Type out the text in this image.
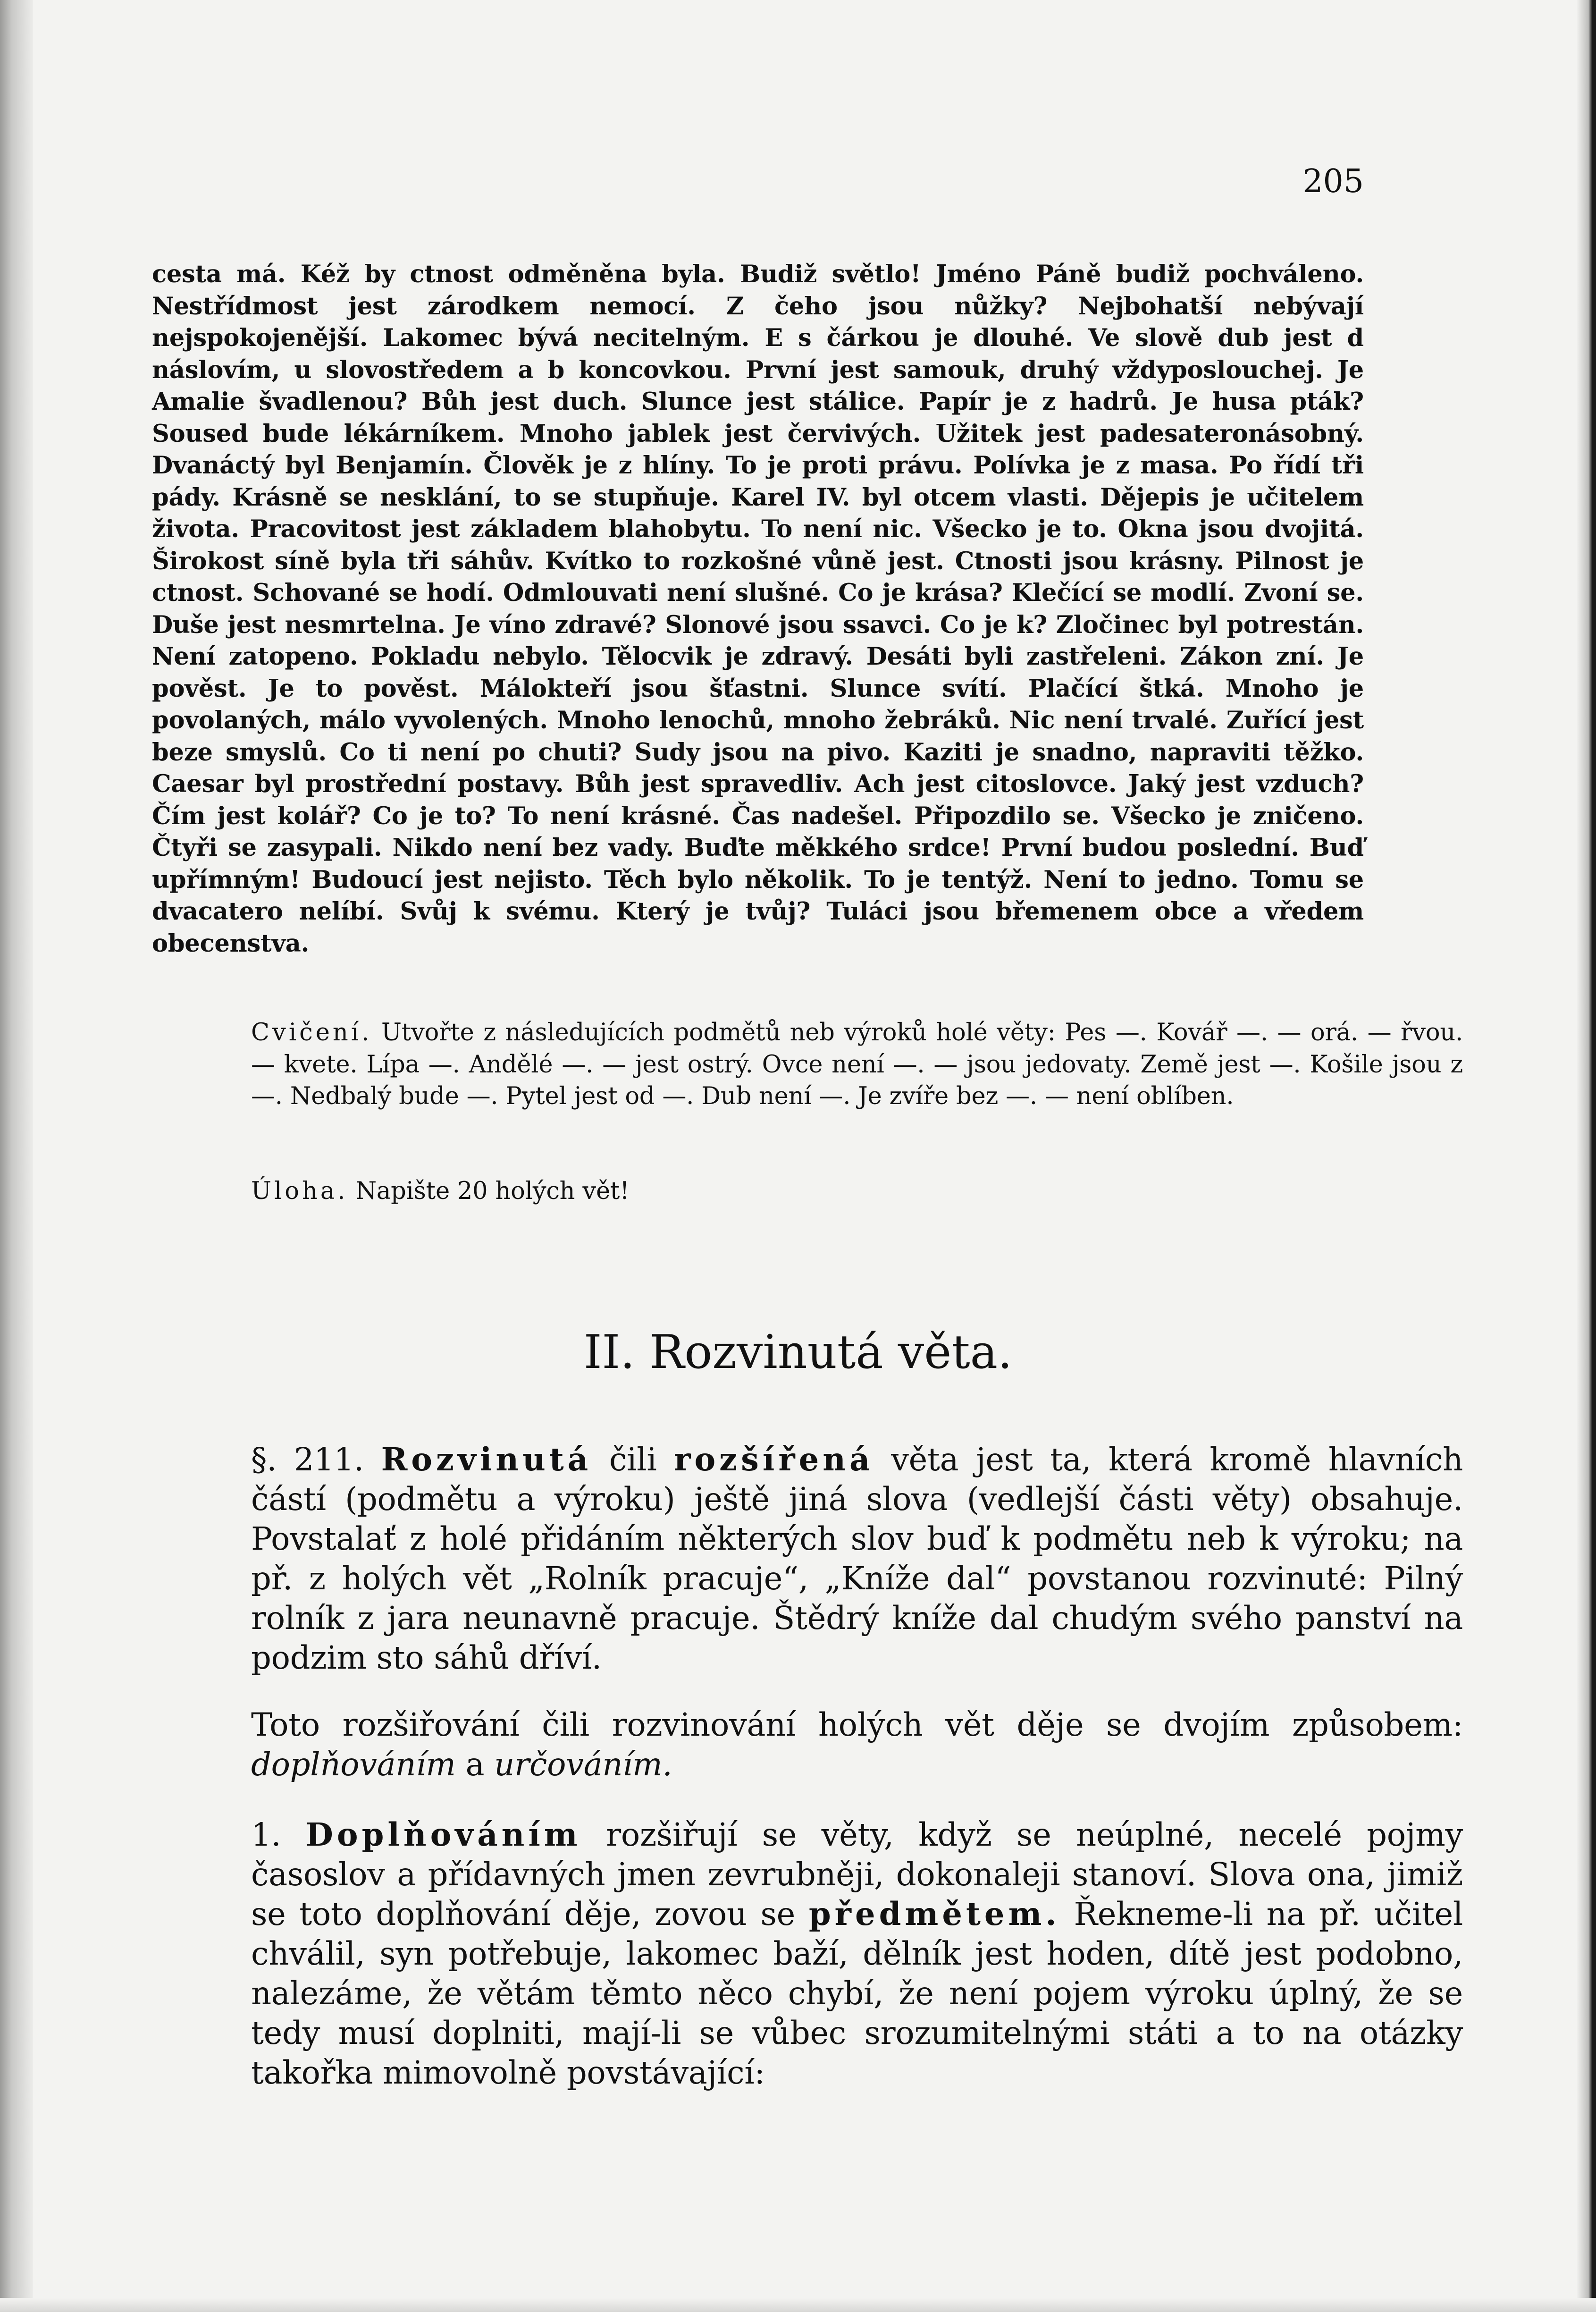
205

cesta má. Kéž by ctnost odměněna byla. Budiž světlo! Jméno Páně budiž pochváleno. Nestřídmost jest zárodkem nemocí. Z čeho jsou nůžky? Nejbohatší nebývají nejspokojenější. Lakomec bývá necitelným. E s čárkou je dlouhé. Ve slově dub jest d náslovím, u slovostředem a b koncovkou. První jest samouk, druhý vždyposlouchej. Je Amalie švadlenou? Bůh jest duch. Slunce jest stálice. Papír je z hadrů. Je husa pták? Soused bude lékárníkem. Mnoho jablek jest červivých. Užitek jest padesateronásobný. Dvanáctý byl Benjamín. Člověk je z hlíny. To je proti právu. Polívka je z masa. Po řídí tři pády. Krásně se nesklání, to se stupňuje. Karel IV. byl otcem vlasti. Dějepis je učitelem života. Pracovitost jest základem blahobytu. To není nic. Všecko je to. Okna jsou dvojitá. Širokost síně byla tři sáhův. Kvítko to rozkošné vůně jest. Ctnosti jsou krásny. Pilnost je ctnost. Schované se hodí. Odmlouvati není slušné. Co je krása? Klečící se modlí. Zvoní se. Duše jest nesmrtelna. Je víno zdravé? Slonové jsou ssavci. Co je k? Zločinec byl potrestán. Není zatopeno. Pokladu nebylo. Tělocvik je zdravý. Desáti byli zastřeleni. Zákon zní. Je pověst. Je to pověst. Málokteří jsou šťastni. Slunce svítí. Plačící štká. Mnoho je povolaných, málo vyvolených. Mnoho lenochů, mnoho žebráků. Nic není trvalé. Zuřící jest beze smyslů. Co ti není po chuti? Sudy jsou na pivo. Kaziti je snadno, napraviti těžko. Caesar byl prostřední postavy. Bůh jest spravedliv. Ach jest citoslovce. Jaký jest vzduch? Čím jest kolář? Co je to? To není krásné. Čas nadešel. Připozdilo se. Všecko je zničeno. Čtyři se zasypali. Nikdo není bez vady. Buďte měkkého srdce! První budou poslední. Buď upřímným! Budoucí jest nejisto. Těch bylo několik. To je tentýž. Není to jedno. Tomu se dvacatero nelíbí. Svůj k svému. Který je tvůj? Tuláci jsou břemenem obce a vředem obecenstva.

Cvičení. Utvořte z následujících podmětů neb výroků holé věty: Pes —. Kovář —. — orá. — řvou. — kvete. Lípa —. Andělé —. — jest ostrý. Ovce není —. — jsou jedovaty. Země jest —. Košile jsou z —. Nedbalý bude —. Pytel jest od —. Dub není —. Je zvíře bez —. — není oblíben.

Úloha. Napište 20 holých vět!

II. Rozvinutá věta.

§. 211. Rozvinutá čili rozšířená věta jest ta, která kromě hlavních částí (podmětu a výroku) ještě jiná slova (vedlejší části věty) obsahuje. Povstalať z holé přidáním některých slov buď k podmětu neb k výroku; na př. z holých vět „Rolník pracuje“, „Kníže dal“ povstanou rozvinuté: Pilný rolník z jara neunavně pracuje. Štědrý kníže dal chudým svého panství na podzim sto sáhů dříví.

Toto rozšiřování čili rozvinování holých vět děje se dvojím způsobem: doplňováním a určováním.

1. Doplňováním rozšiřují se věty, když se neúplné, necelé pojmy časoslov a přídavných jmen zevrubněji, dokonaleji stanoví. Slova ona, jimiž se toto doplňování děje, zovou se předmětem. Řekneme-li na př. učitel chválil, syn potřebuje, lakomec baží, dělník jest hoden, dítě jest podobno, nalezáme, že větám těmto něco chybí, že není pojem výroku úplný, že se tedy musí doplniti, mají-li se vůbec srozumitelnými státi a to na otázky takořka mimovolně povstávající:
